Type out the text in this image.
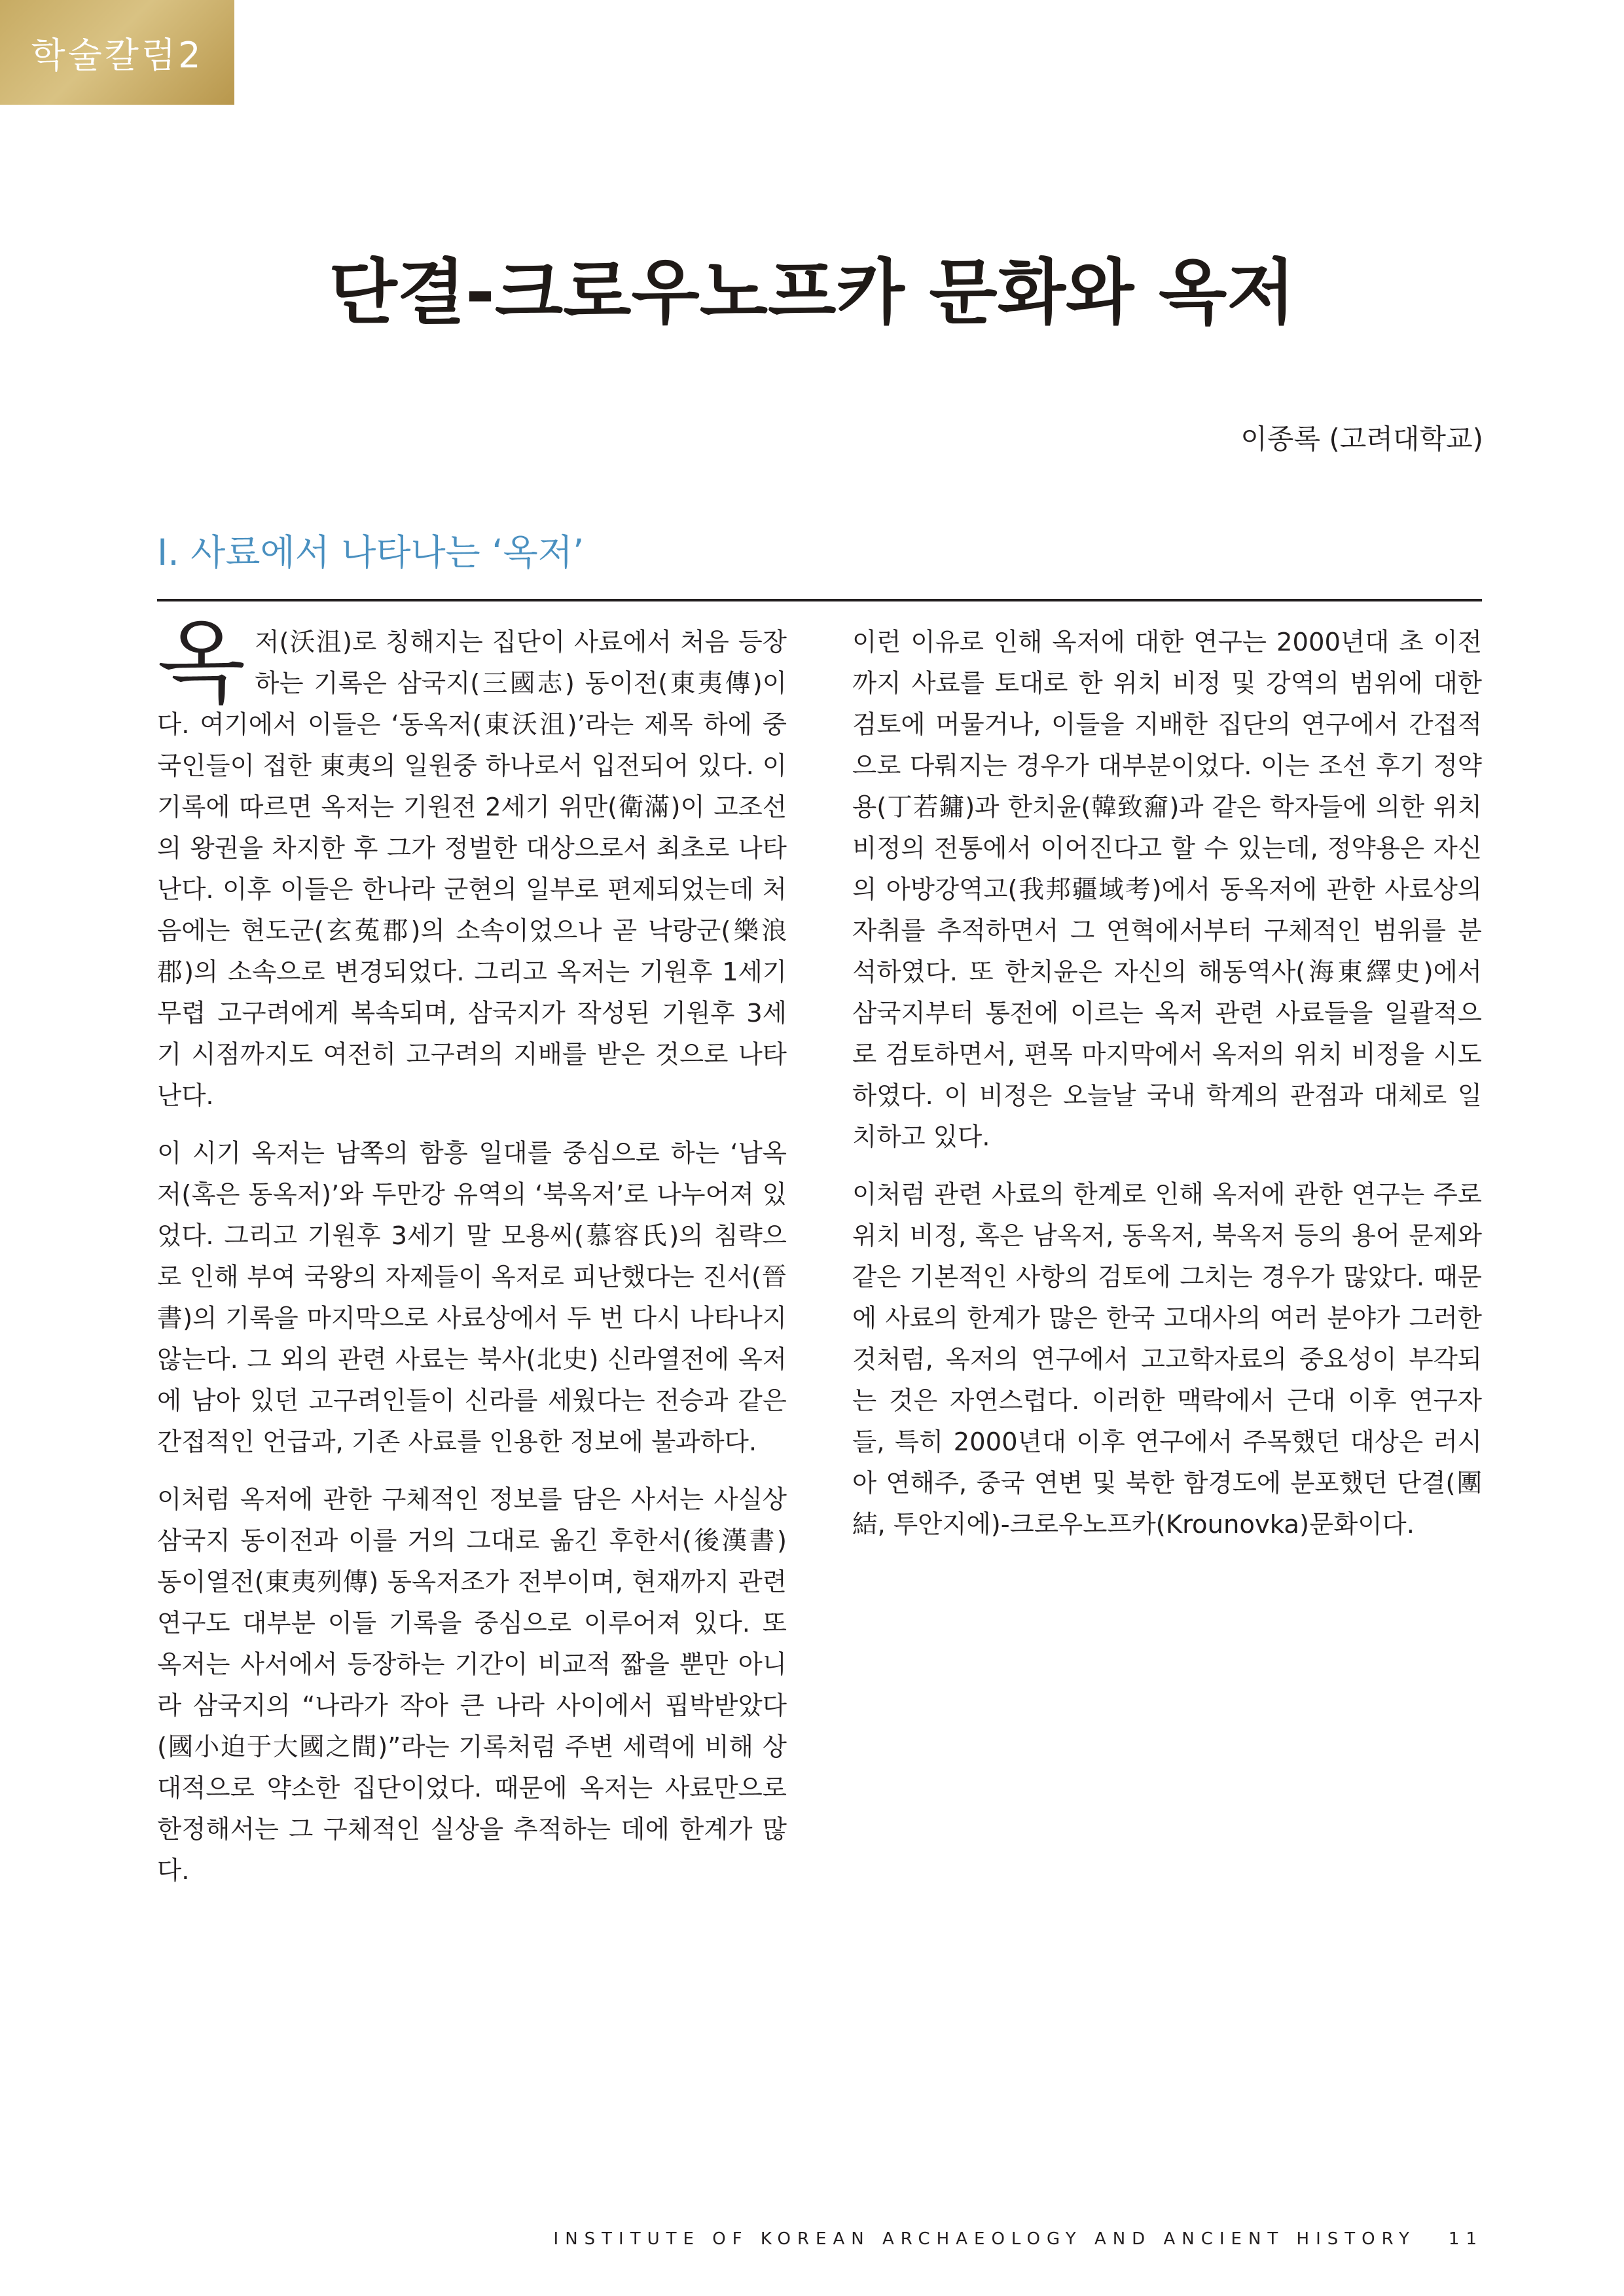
학술칼럼2
단결-크로우노프카 문화와 옥저
이종록 (고려대학교)
Ⅰ. 사료에서 나타나는 ‘옥저’

옥저(沃沮)로 칭해지는 집단이 사료에서 처음 등장하는 기록은 삼국지(三國志) 동이전(東夷傳)이다. 여기에서 이들은 ‘동옥저(東沃沮)’라는 제목 하에 중국인들이 접한 東夷의 일원중 하나로서 입전되어 있다. 이 기록에 따르면 옥저는 기원전 2세기 위만(衛滿)이 고조선의 왕권을 차지한 후 그가 정벌한 대상으로서 최초로 나타난다. 이후 이들은 한나라 군현의 일부로 편제되었는데 처음에는 현도군(玄菟郡)의 소속이었으나 곧 낙랑군(樂浪郡)의 소속으로 변경되었다. 그리고 옥저는 기원후 1세기 무렵 고구려에게 복속되며, 삼국지가 작성된 기원후 3세기 시점까지도 여전히 고구려의 지배를 받은 것으로 나타난다.

이 시기 옥저는 남쪽의 함흥 일대를 중심으로 하는 ‘남옥저(혹은 동옥저)’와 두만강 유역의 ‘북옥저’로 나누어져 있었다. 그리고 기원후 3세기 말 모용씨(慕容氏)의 침략으로 인해 부여 국왕의 자제들이 옥저로 피난했다는 진서(晉書)의 기록을 마지막으로 사료상에서 두 번 다시 나타나지 않는다. 그 외의 관련 사료는 북사(北史) 신라열전에 옥저에 남아 있던 고구려인들이 신라를 세웠다는 전승과 같은 간접적인 언급과, 기존 사료를 인용한 정보에 불과하다.

이처럼 옥저에 관한 구체적인 정보를 담은 사서는 사실상 삼국지 동이전과 이를 거의 그대로 옮긴 후한서(後漢書) 동이열전(東夷列傳) 동옥저조가 전부이며, 현재까지 관련 연구도 대부분 이들 기록을 중심으로 이루어져 있다. 또 옥저는 사서에서 등장하는 기간이 비교적 짧을 뿐만 아니라 삼국지의 “나라가 작아 큰 나라 사이에서 핍박받았다(國小迫于大國之間)”라는 기록처럼 주변 세력에 비해 상대적으로 약소한 집단이었다. 때문에 옥저는 사료만으로 한정해서는 그 구체적인 실상을 추적하는 데에 한계가 많다.

이런 이유로 인해 옥저에 대한 연구는 2000년대 초 이전까지 사료를 토대로 한 위치 비정 및 강역의 범위에 대한 검토에 머물거나, 이들을 지배한 집단의 연구에서 간접적으로 다뤄지는 경우가 대부분이었다. 이는 조선 후기 정약용(丁若鏞)과 한치윤(韓致奫)과 같은 학자들에 의한 위치 비정의 전통에서 이어진다고 할 수 있는데, 정약용은 자신의 아방강역고(我邦疆域考)에서 동옥저에 관한 사료상의 자취를 추적하면서 그 연혁에서부터 구체적인 범위를 분석하였다. 또 한치윤은 자신의 해동역사(海東繹史)에서 삼국지부터 통전에 이르는 옥저 관련 사료들을 일괄적으로 검토하면서, 편목 마지막에서 옥저의 위치 비정을 시도하였다. 이 비정은 오늘날 국내 학계의 관점과 대체로 일치하고 있다.

이처럼 관련 사료의 한계로 인해 옥저에 관한 연구는 주로 위치 비정, 혹은 남옥저, 동옥저, 북옥저 등의 용어 문제와 같은 기본적인 사항의 검토에 그치는 경우가 많았다. 때문에 사료의 한계가 많은 한국 고대사의 여러 분야가 그러한 것처럼, 옥저의 연구에서 고고학자료의 중요성이 부각되는 것은 자연스럽다. 이러한 맥락에서 근대 이후 연구자들, 특히 2000년대 이후 연구에서 주목했던 대상은 러시아 연해주, 중국 연변 및 북한 함경도에 분포했던 단결(團結, 투안지에)-크로우노프카(Krounovka)문화이다.

INSTITUTE OF KOREAN ARCHAEOLOGY AND ANCIENT HISTORY 11
